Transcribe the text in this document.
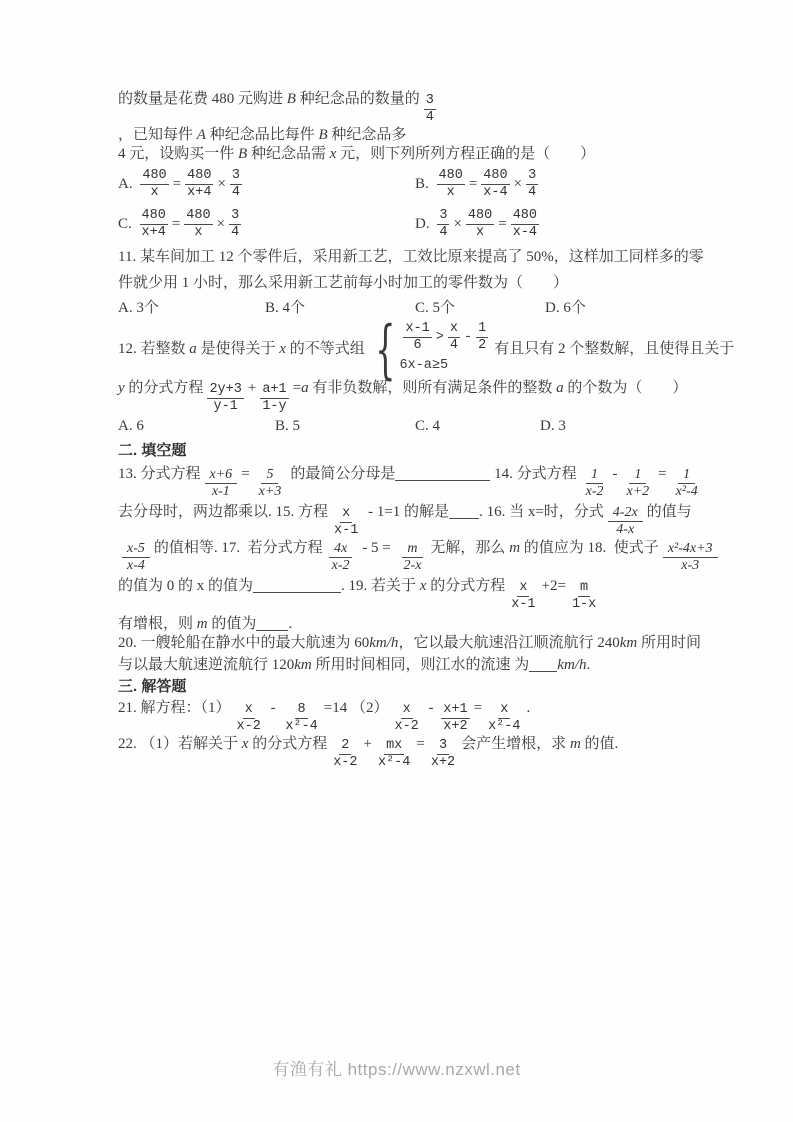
的数量是花费 480 元购进 B 种纪念品的数量的 $\frac{3}{4}$
，已知每件 A 种纪念品比每件 B 种纪念品多 4 元，设购买一件 B 种纪念品需 x 元，则下列所列方程正确的是（　　）
A. $\frac{480}{x} = \frac{480}{x+4} \times \frac{3}{4}$	B. $\frac{480}{x} = \frac{480}{x-4} \times \frac{3}{4}$
C. $\frac{480}{x+4} = \frac{480}{x} \times \frac{3}{4}$	D. $\frac{3}{4} \times \frac{480}{x} = \frac{480}{x-4}$
11. 某车间加工 12 个零件后，采用新工艺，工效比原来提高了 50%，这样加工同样多的零
件就少用 1 小时，那么采用新工艺前每小时加工的零件数为（　　）
A. 3个	B. 4个	C. 5个	D. 6个
12. 若整数 a 是使得关于 x 的不等式组 { $\frac{x-1}{6} > \frac{x}{4} - \frac{1}{2}$
6x-a≥5
有且只有 2 个整数解，且使得且关于
y 的分式方程 $\frac{2y+3}{y-1} + \frac{a+1}{1-y} =a$ 有非负数解，则所有满足条件的整数 a 的个数为（　　）
A. 6	B. 5	C. 4	D. 3
二. 填空题
13. 分式方程 $\frac{x+6}{x-1} = \frac{5}{x+3}$ 的最简公分母是	14. 分式方程 $\frac{1}{x-2} - \frac{1}{x+2} = \frac{1}{\text{x²-4}}$
去分母时，两边都乘以. 15. 方程 $\frac{x}{x-1} - 1=1$ 的解是 . 16. 当 x=时，分式 $\frac{4-2x}{4-x}$ 的值与
$\frac{x-5}{x-4}$ 的值相等. 17.  若分式方程 $\frac{4x}{x-2} - 5 = \frac{m}{2-x}$ 无解，那么 m 的值应为 18.  使式子 $\frac{\text{x²-4x+3}}{x-3}$
的值为 0 的 x 的值为	. 19. 若关于 x 的分式方程 $\frac{x}{x-1} +2= \frac{m}{1-x}$
有增根，则 m 的值为 . 20. 一艘轮船在静水中的最大航速为 60km/h，它以最大航速沿江顺流航行 240km 所用时间 与以最大航速逆流航行 120km 所用时间相同，则江水的流速 为 km/h.
三. 解答题
21. 解方程：$(1) \frac{x}{x-2} - \frac{8}{\text{x²-4}} =14$ $(2) \frac{x}{x-2} - \frac{x+1}{x+2} = \frac{x}{\text{x²-4}}$ . 22. （1）若解关于 x 的分式方程 $\frac{2}{x-2} + \frac{mx}{\text{x²-4}} = \frac{3}{x+2}$ 会产生增根，求 m 的值.
有渔有礼 https://www.nzxwl.net
